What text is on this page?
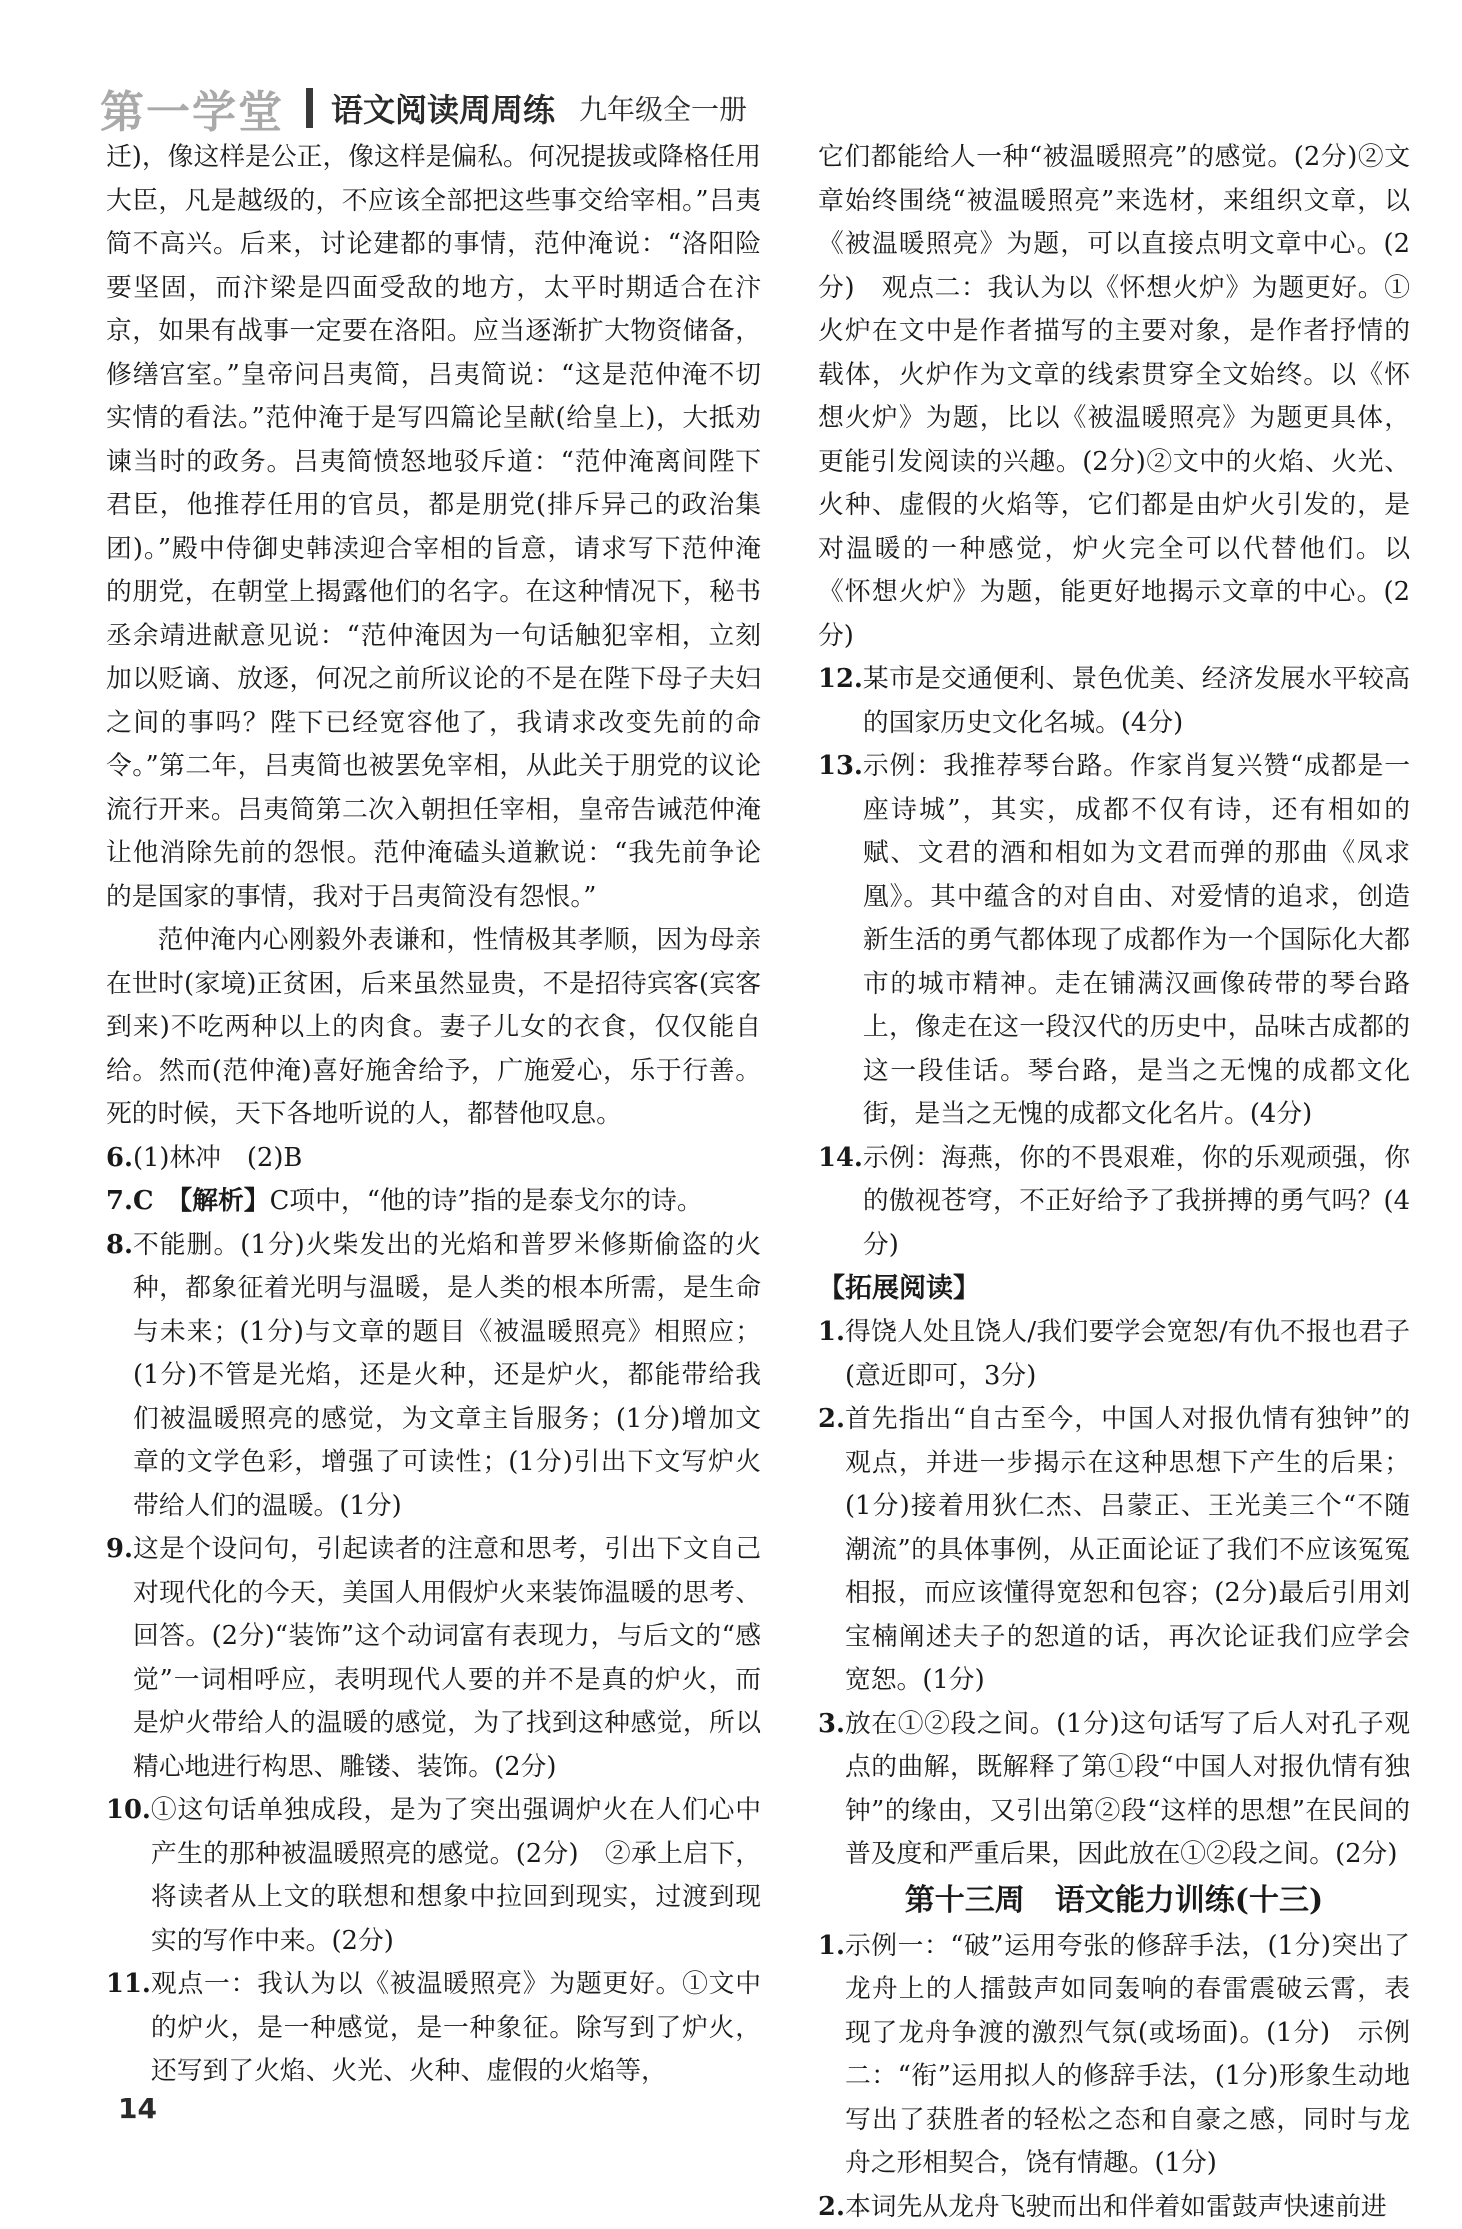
第一学堂 语文阅读周周练 九年级全一册

迁)，像这样是公正，像这样是偏私。何况提拔或降格任用大臣，凡是越级的，不应该全部把这些事交给宰相。”吕夷简不高兴。后来，讨论建都的事情，范仲淹说：“洛阳险要坚固，而汴梁是四面受敌的地方，太平时期适合在汴京，如果有战事一定要在洛阳。应当逐渐扩大物资储备，修缮宫室。”皇帝问吕夷简，吕夷简说：“这是范仲淹不切实情的看法。”范仲淹于是写四篇论呈献(给皇上)，大抵劝谏当时的政务。吕夷简愤怒地驳斥道：“范仲淹离间陛下君臣，他推荐任用的官员，都是朋党(排斥异己的政治集团)。”殿中侍御史韩渎迎合宰相的旨意，请求写下范仲淹的朋党，在朝堂上揭露他们的名字。在这种情况下，秘书丞余靖进献意见说：“范仲淹因为一句话触犯宰相，立刻加以贬谪、放逐，何况之前所议论的不是在陛下母子夫妇之间的事吗？陛下已经宽容他了，我请求改变先前的命令。”第二年，吕夷简也被罢免宰相，从此关于朋党的议论流行开来。吕夷简第二次入朝担任宰相，皇帝告诫范仲淹让他消除先前的怨恨。范仲淹磕头道歉说：“我先前争论的是国家的事情，我对于吕夷简没有怨恨。”

范仲淹内心刚毅外表谦和，性情极其孝顺，因为母亲在世时(家境)正贫困，后来虽然显贵，不是招待宾客(宾客到来)不吃两种以上的肉食。妻子儿女的衣食，仅仅能自给。然而(范仲淹)喜好施舍给予，广施爱心，乐于行善。死的时候，天下各地听说的人，都替他叹息。

6. (1)林冲　(2)B
7. C　【解析】C项中，“他的诗”指的是泰戈尔的诗。
8. 不能删。(1分)火柴发出的光焰和普罗米修斯偷盗的火种，都象征着光明与温暖，是人类的根本所需，是生命与未来；(1分)与文章的题目《被温暖照亮》相照应；(1分)不管是光焰，还是火种，还是炉火，都能带给我们被温暖照亮的感觉，为文章主旨服务；(1分)增加文章的文学色彩，增强了可读性；(1分)引出下文写炉火带给人们的温暖。(1分)
9. 这是个设问句，引起读者的注意和思考，引出下文自己对现代化的今天，美国人用假炉火来装饰温暖的思考、回答。(2分)“装饰”这个动词富有表现力，与后文的“感觉”一词相呼应，表明现代人要的并不是真的炉火，而是炉火带给人的温暖的感觉，为了找到这种感觉，所以精心地进行构思、雕镂、装饰。(2分)
10. ①这句话单独成段，是为了突出强调炉火在人们心中产生的那种被温暖照亮的感觉。(2分)　②承上启下，将读者从上文的联想和想象中拉回到现实，过渡到现实的写作中来。(2分)
11. 观点一：我认为以《被温暖照亮》为题更好。①文中的炉火，是一种感觉，是一种象征。除写到了炉火，还写到了火焰、火光、火种、虚假的火焰等，

它们都能给人一种“被温暖照亮”的感觉。(2分)②文章始终围绕“被温暖照亮”来选材，来组织文章，以《被温暖照亮》为题，可以直接点明文章中心。(2分)　观点二：我认为以《怀想火炉》为题更好。①火炉在文中是作者描写的主要对象，是作者抒情的载体，火炉作为文章的线索贯穿全文始终。以《怀想火炉》为题，比以《被温暖照亮》为题更具体，更能引发阅读的兴趣。(2分)②文中的火焰、火光、火种、虚假的火焰等，它们都是由炉火引发的，是对温暖的一种感觉，炉火完全可以代替他们。以《怀想火炉》为题，能更好地揭示文章的中心。(2分)

12. 某市是交通便利、景色优美、经济发展水平较高的国家历史文化名城。(4分)
13. 示例：我推荐琴台路。作家肖复兴赞“成都是一座诗城”，其实，成都不仅有诗，还有相如的赋、文君的酒和相如为文君而弹的那曲《凤求凰》。其中蕴含的对自由、对爱情的追求，创造新生活的勇气都体现了成都作为一个国际化大都市的城市精神。走在铺满汉画像砖带的琴台路上，像走在这一段汉代的历史中，品味古成都的这一段佳话。琴台路，是当之无愧的成都文化街，是当之无愧的成都文化名片。(4分)
14. 示例：海燕，你的不畏艰难，你的乐观顽强，你的傲视苍穹，不正好给予了我拼搏的勇气吗？(4分)

【拓展阅读】

1. 得饶人处且饶人/我们要学会宽恕/有仇不报也君子(意近即可，3分)
2. 首先指出“自古至今，中国人对报仇情有独钟”的观点，并进一步揭示在这种思想下产生的后果；(1分)接着用狄仁杰、吕蒙正、王光美三个“不随潮流”的具体事例，从正面论证了我们不应该冤冤相报，而应该懂得宽恕和包容；(2分)最后引用刘宝楠阐述夫子的恕道的话，再次论证我们应学会宽恕。(1分)
3. 放在①②段之间。(1分)这句话写了后人对孔子观点的曲解，既解释了第①段“中国人对报仇情有独钟”的缘由，又引出第②段“这样的思想”在民间的普及度和严重后果，因此放在①②段之间。(2分)

第十三周　语文能力训练(十三)

1. 示例一：“破”运用夸张的修辞手法，(1分)突出了龙舟上的人擂鼓声如同轰响的春雷震破云霄，表现了龙舟争渡的激烈气氛(或场面)。(1分)　示例二：“衔”运用拟人的修辞手法，(1分)形象生动地写出了获胜者的轻松之态和自豪之感，同时与龙舟之形相契合，饶有情趣。(1分)
2. 本词先从龙舟飞驶而出和伴着如雷鼓声快速前进
14
